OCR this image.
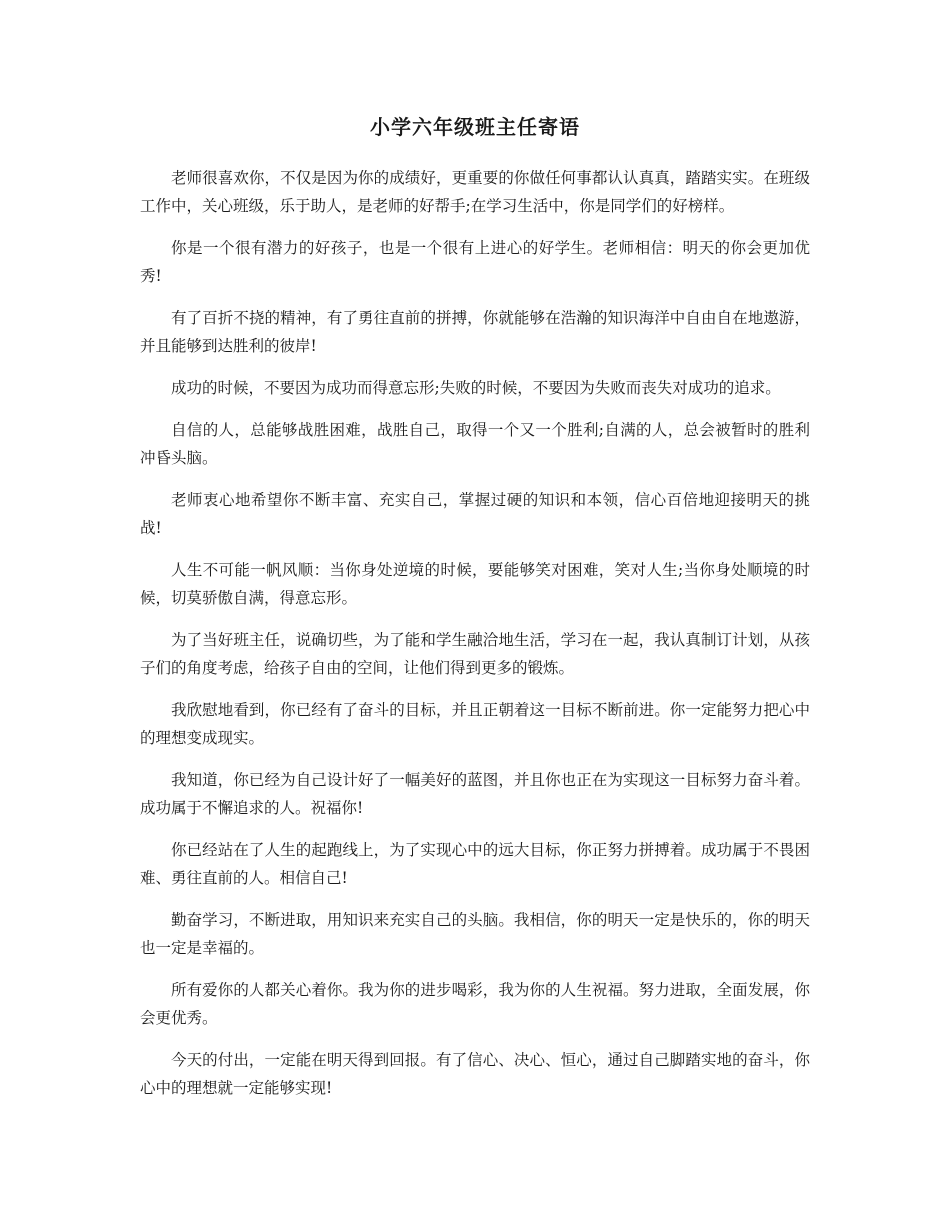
小学六年级班主任寄语

老师很喜欢你，不仅是因为你的成绩好，更重要的你做任何事都认认真真，踏踏实实。在班级工作中，关心班级，乐于助人，是老师的好帮手;在学习生活中，你是同学们的好榜样。

你是一个很有潜力的好孩子，也是一个很有上进心的好学生。老师相信：明天的你会更加优秀!

有了百折不挠的精神，有了勇往直前的拼搏，你就能够在浩瀚的知识海洋中自由自在地遨游，并且能够到达胜利的彼岸!

成功的时候，不要因为成功而得意忘形;失败的时候，不要因为失败而丧失对成功的追求。

自信的人，总能够战胜困难，战胜自己，取得一个又一个胜利;自满的人，总会被暂时的胜利冲昏头脑。

老师衷心地希望你不断丰富、充实自己，掌握过硬的知识和本领，信心百倍地迎接明天的挑战!

人生不可能一帆风顺：当你身处逆境的时候，要能够笑对困难，笑对人生;当你身处顺境的时候，切莫骄傲自满，得意忘形。

为了当好班主任，说确切些，为了能和学生融洽地生活，学习在一起，我认真制订计划，从孩子们的角度考虑，给孩子自由的空间，让他们得到更多的锻炼。

我欣慰地看到，你已经有了奋斗的目标，并且正朝着这一目标不断前进。你一定能努力把心中的理想变成现实。

我知道，你已经为自己设计好了一幅美好的蓝图，并且你也正在为实现这一目标努力奋斗着。成功属于不懈追求的人。祝福你!

你已经站在了人生的起跑线上，为了实现心中的远大目标，你正努力拼搏着。成功属于不畏困难、勇往直前的人。相信自己!

勤奋学习，不断进取，用知识来充实自己的头脑。我相信，你的明天一定是快乐的，你的明天也一定是幸福的。

所有爱你的人都关心着你。我为你的进步喝彩，我为你的人生祝福。努力进取，全面发展，你会更优秀。

今天的付出，一定能在明天得到回报。有了信心、决心、恒心，通过自己脚踏实地的奋斗，你心中的理想就一定能够实现!
